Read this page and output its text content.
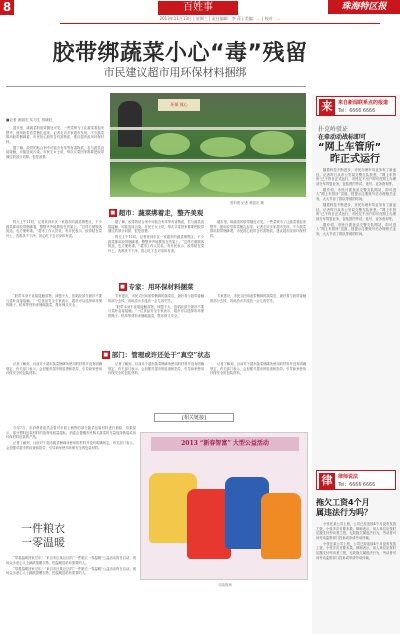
8	百姓事	珠海特区报
2013年11月13日 | 星期三 | 责任编辑：李 萍 | 美编：... | 校对：...
胶带绑蔬菜小心“毒”残留
市民建议超市用环保材料捆绑
■记者 黄丽宏 实习生 蔡晓旺

超市里，绑蔬菜的胶带随处可见。一些菜贩为了让蔬菜看起来整齐，便用胶带将菜捆扎起来。记者走访多家超市发现，不少蔬菜都用胶带捆绑着，市民担心胶带含有害物质，建议超市改用环保材料。

据了解，胶带的粘合剂中可能含有苯等有害物质，若与蔬菜直接接触，可能造成污染。市民王女士说，每次买菜回家都要把胶带缠过的部分切掉，很是浪费。

环保 放心
资料图 记者 黄丽宏 摄
■ 超市：蔬菜绑着走，整齐美观

昨天上午11时，记者来到市区一家超市的蔬菜销售区，不少蔬菜都用胶带捆绑着，整整齐齐地摆放在货架上。“这样方便顾客挑选，也方便称重。”超市工作人员说。有市民表示，胶带粘在菜叶上，洗都洗不干净，担心吃下去对身体有害。

据了解，胶带的粘合剂中可能含有苯等有害物质，若与蔬菜直接接触，可能造成污染。市民王女士说，每次买菜回家都要把胶带缠过的部分切掉，很是浪费。

昨天上午11时，记者来到市区一家超市的蔬菜销售区，不少蔬菜都用胶带捆绑着，整整齐齐地摆放在货架上。“这样方便顾客挑选，也方便称重。”超市工作人员说。有市民表示，胶带粘在菜叶上，洗都洗不干净，担心吃下去对身体有害。

超市里，绑蔬菜的胶带随处可见。一些菜贩为了让蔬菜看起来整齐，便用胶带将菜捆扎起来。记者走访多家超市发现，不少蔬菜都用胶带捆绑着，市民担心胶带含有害物质，建议超市改用环保材料。

■ 专家：用环保材料捆菜

“胶带本身不直接接触食物，问题不大，但粘胶部分最好不要与菜叶直接接触。”一位食品安全专家表示，超市可以选择用环保的绳子、稻草等材料来捆绑蔬菜，既环保又安全。

专家建议，市民买回用胶带捆绑的蔬菜后，最好将与胶带接触的部分去掉，再用清水多浸泡一会儿再烹饪。

“胶带本身不直接接触食物，问题不大，但粘胶部分最好不要与菜叶直接接触。”一位食品安全专家表示，超市可以选择用环保的绳子、稻草等材料来捆绑蔬菜，既环保又安全。

专家建议，市民买回用胶带捆绑的蔬菜后，最好将与胶带接触的部分去掉，再用清水多浸泡一会儿再烹饪。

■ 部门：管理或许还处于“真空”状态

记者了解到，目前对于超市蔬菜捆绑所使用的材料并没有明确规定，有关部门表示，会加强对超市的检查和指导，引导商家使用环保安全的包装材料。

记者了解到，目前对于超市蔬菜捆绑所使用的材料并没有明确规定，有关部门表示，会加强对超市的检查和指导，引导商家使用环保安全的包装材料。

记者了解到，目前对于超市蔬菜捆绑所使用的材料并没有明确规定，有关部门表示，会加强对超市的检查和指导，引导商家使用环保安全的包装材料。

[相关链接]

今年7月，市消费者委员会曾对市面上销售的部分蔬菜包装材料进行抽检，结果显示，部分塑料包装材料的溶剂残留量超标。消委会提醒市民购买蔬菜时尽量选择散装或用环保材料包装的产品。

记者了解到，目前对于超市蔬菜捆绑所使用的材料并没有明确规定，有关部门表示，会加强对超市的检查和指导，引导商家使用环保安全的包装材料。

一件粮衣
一零温暖

“带着温暖回家过年！”来自市区某社区的“一件粮衣一零温暖”公益活动昨日启动，现场众多爱心人士踊跃捐赠衣物，把温暖送给有需要的人。

“带着温暖回家过年！”来自市区某社区的“一件粮衣一零温暖”公益活动昨日启动，现场众多爱心人士踊跃捐赠衣物，把温暖送给有需要的人。

2013 “新春智富” 大型公益活动
活动现场
来	来自新闻联系点的报道
Tel：6666 6666
扑克岭驳证
在牵动动战标即可
“网上车管所”
昨正式运行

随着科技不断进步，市民办理车驾业务有了新途径。记者昨日从市公安局交警支队获悉，“网上车管所”已于昨日正式运行，市民足不出户即可在网上办理部分车驾管业务，包括预约考试、选号、业务查询等。

据介绍，市民只需登录交警支队网站，即可进入“网上车管所”页面，按提示注册账号后办理相关业务，大大节省了排队等候的时间。

随着科技不断进步，市民办理车驾业务有了新途径。记者昨日从市公安局交警支队获悉，“网上车管所”已于昨日正式运行，市民足不出户即可在网上办理部分车驾管业务，包括预约考试、选号、业务查询等。

据介绍，市民只需登录交警支队网站，即可进入“网上车管所”页面，按提示注册账号后办理相关业务，大大节省了排队等候的时间。

律	律师说法
Tel：6666 6666
拖欠工资4个月
属违法行为吗？

小张在某公司上班，公司已经连续4个月没有发放工资，小张多次讨要未果。律师表示，用人单位应按时足额支付劳动者工资，无故拖欠属违法行为，劳动者可向劳动监察部门投诉或申请劳动仲裁。

小张在某公司上班，公司已经连续4个月没有发放工资，小张多次讨要未果。律师表示，用人单位应按时足额支付劳动者工资，无故拖欠属违法行为，劳动者可向劳动监察部门投诉或申请劳动仲裁。
